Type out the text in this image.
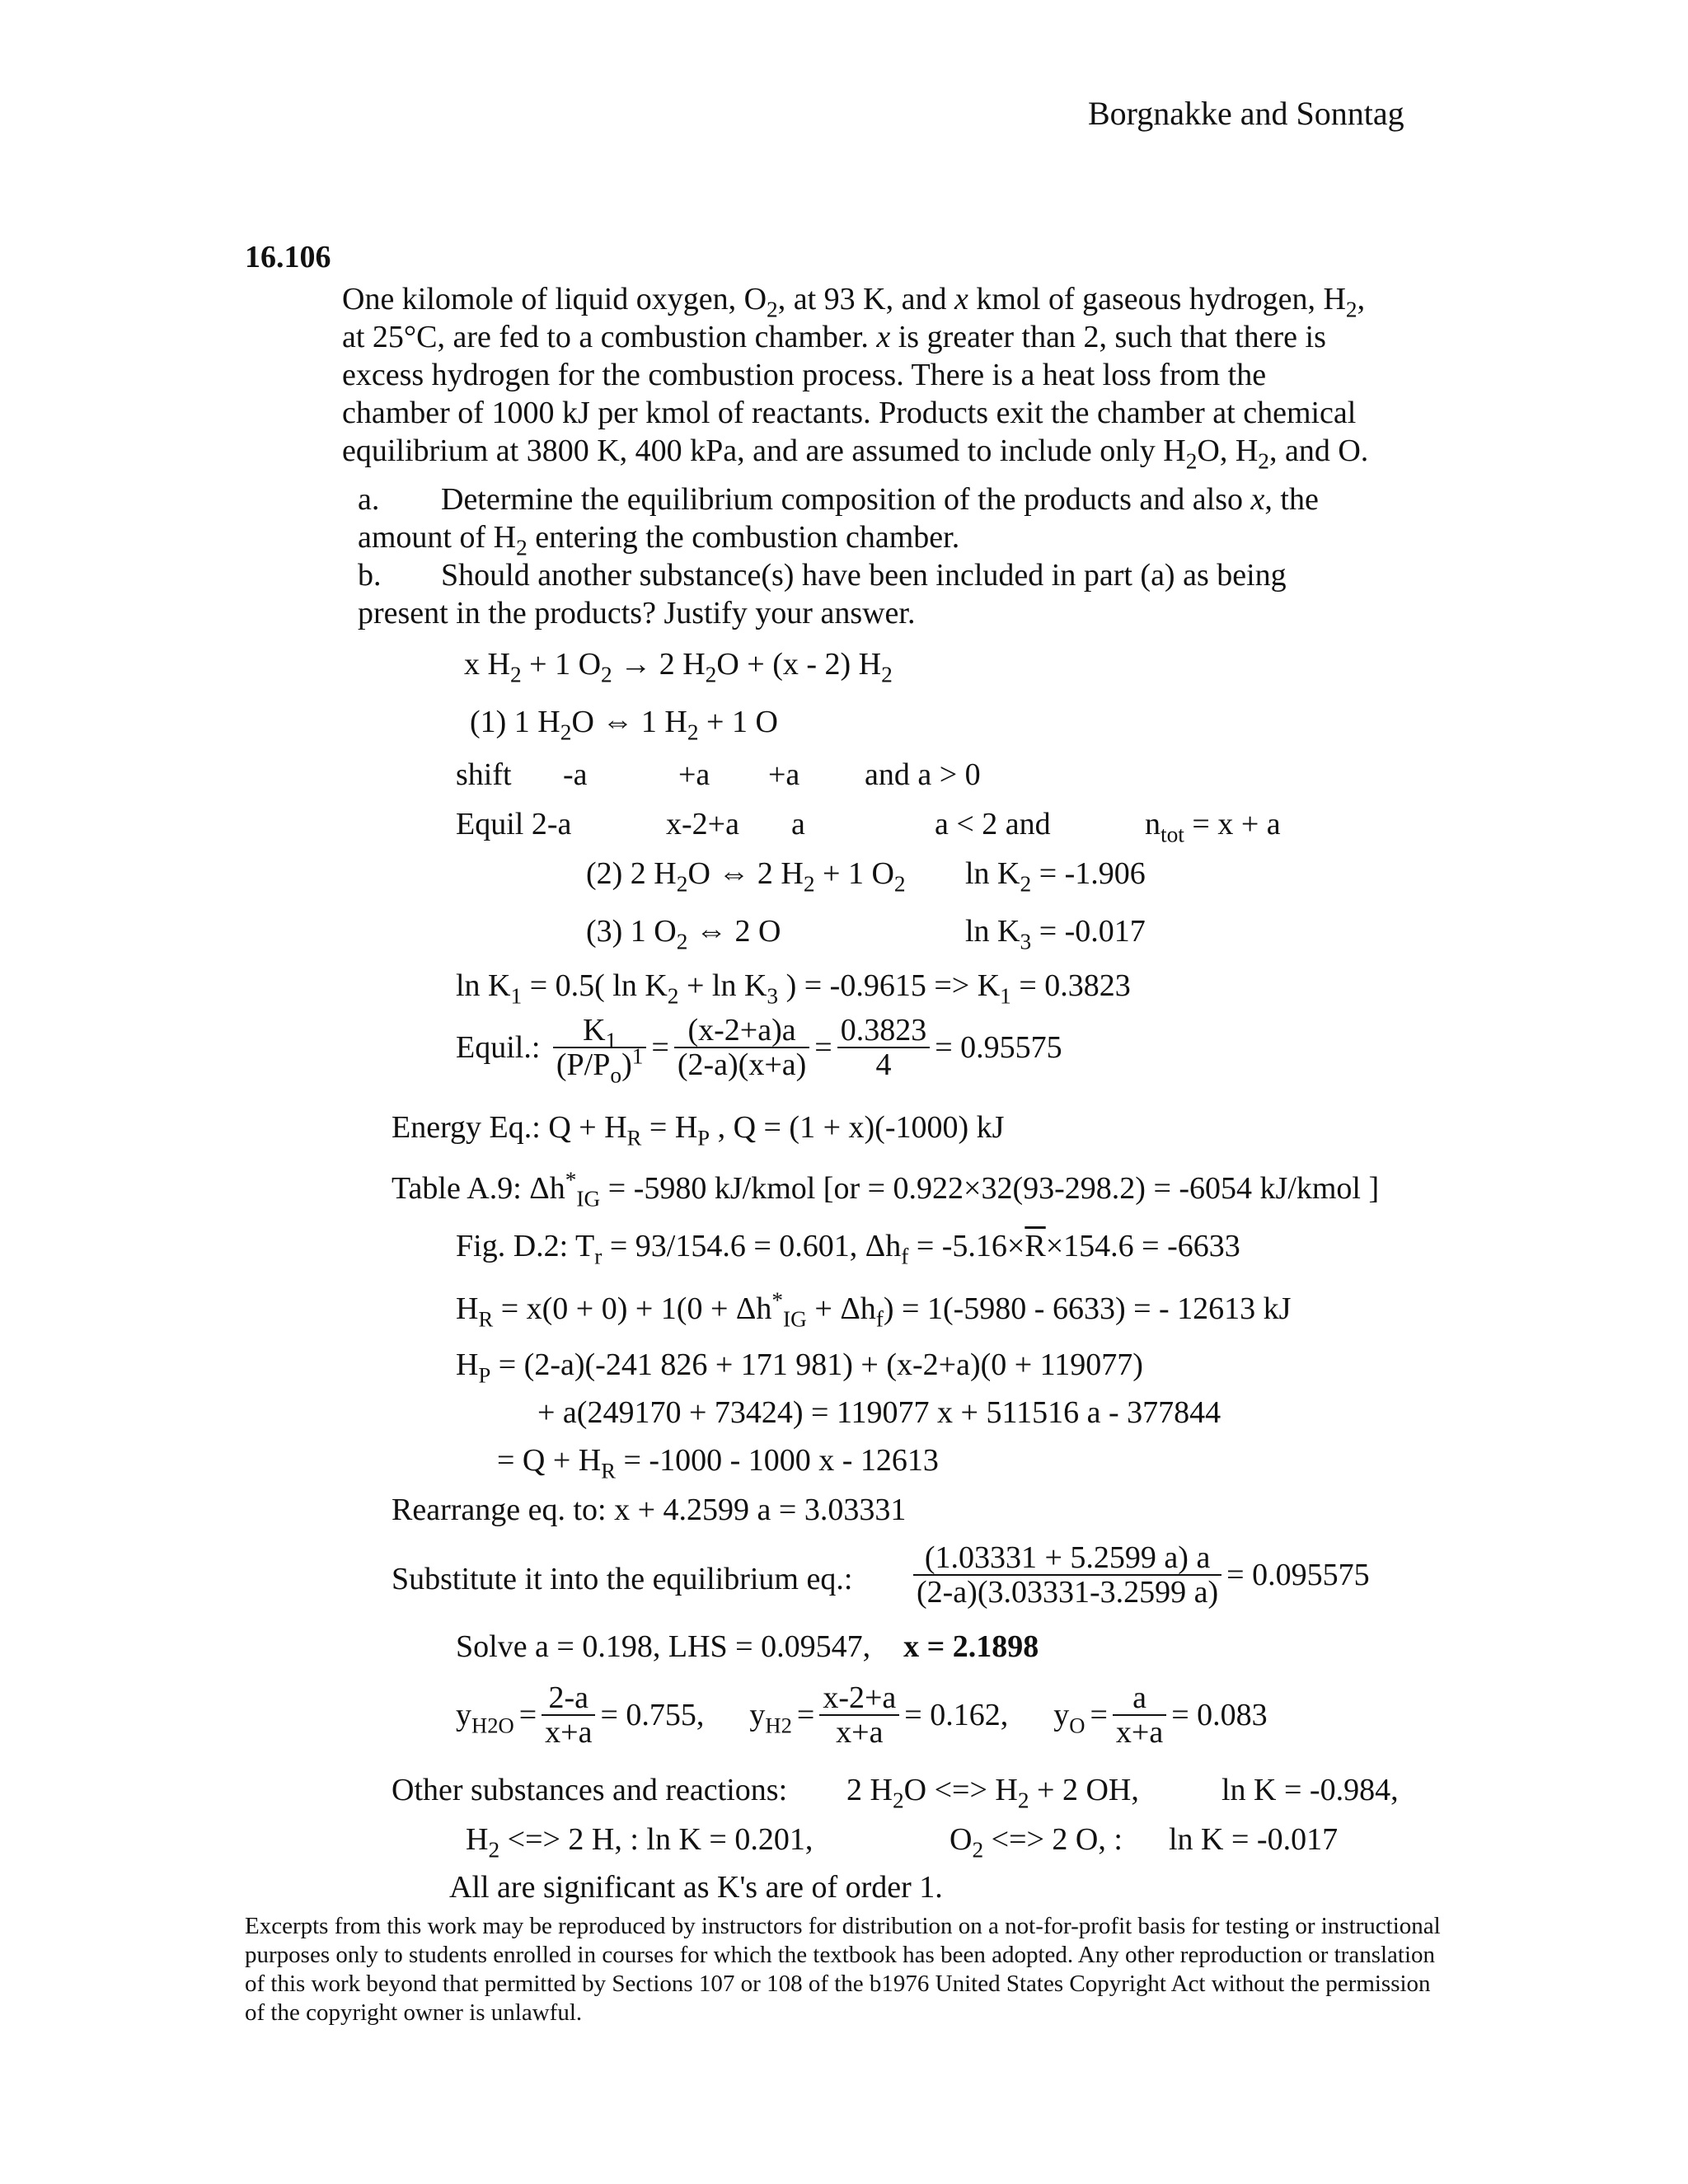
Borgnakke and Sonntag
16.106
One kilomole of liquid oxygen, $O_2$, at 93 K, and x kmol of gaseous hydrogen, $H_2$,
at 25°C, are fed to a combustion chamber. x is greater than 2, such that there is
excess hydrogen for the combustion process. There is a heat loss from the
chamber of 1000 kJ per kmol of reactants. Products exit the chamber at chemical
equilibrium at 3800 K, 400 kPa, and are assumed to include only $H_2O$, $H_2$, and O.
a. Determine the equilibrium composition of the products and also x, the
amount of $H_2$ entering the combustion chamber.
b. Should another substance(s) have been included in part (a) as being
present in the products? Justify your answer.
x $H_2 + 1$ $O_2 \to 2$ $H_2O + (x - 2)$ $H_2$
(1) 1 $H_2O$ ⇔ 1 $H_2 + 1$ O
shift -a	+a +a and a > 0
Equil 2-a	x-2+a a	a < 2 and	$n_{tot} = x + a$
(2) 2 $H_2O$ ⇔ 2 $H_2 + 1$ $O_2$ $\ln K_2 = -1.906$
(3) 1 $O_2$ ⇔ 2 O	$\ln K_3 = -0.017$
$\ln K_1 = 0.5$( $\ln K_2 + \ln K_3$ ) = $-0.9615 => K_1 = 0.3823$
Equil.: $\frac{K_1}{(P/P_o)^1} = \frac{(x-2+a)a}{(2-a)(x+a)} = \frac{0.3823}{4} = 0.95575$
Energy Eq.: $Q + H_R = H_P$ , Q = (1 + x)(-1000) kJ
Table A.9: $\Delta h^*_{IG} = -5980$ kJ/kmol [or = 0.922×32(93-298.2) = -6054 kJ/kmol ]
Fig. D.2: $T_r = 93/154.6 = 0.601$, $\Delta h_f = -5.16\times\overline{R}\times 154.6 = -6633$
$H_R = x(0 + 0) + 1(0 + \Delta h^*_{IG} + \Delta h_f) = 1(-5980 - 6633)$ = - 12613 kJ
$H_P = (2-a)(-241$ 826 + 171 981) + (x-2+a)(0 + 119077)
+ a(249170 + 73424) = 119077 x + 511516 a - 377844
= $Q + H_R = -1000 - 1000$ x - 12613
Rearrange eq. to: x + 4.2599 a = 3.03331
Substitute it into the equilibrium eq.: $\frac{(1.03331 + 5.2599 a) a}{(2-a)(3.03331-3.2599 a)} = 0.095575$
Solve a = 0.198, LHS = 0.09547, x = 2.1898
$y_{H2O} = \frac{2-a}{x+a} = 0.755$, $y_{H2} = \frac{x-2+a}{x+a} = 0.162$, $y_O = \frac{a}{x+a} = 0.083$
Other substances and reactions: 2 $H_2O$ <=> $H_2 + 2$ OH,	ln K = -0.984,
$H_2$ <=> 2 H, : ln K = 0.201,	$O_2$ <=> 2 O, : ln K = -0.017
All are significant as K's are of order 1.
Excerpts from this work may be reproduced by instructors for distribution on a not-for-profit basis for testing or instructional purposes only to students enrolled in courses for which the textbook has been adopted. Any other reproduction or translation of this work beyond that permitted by Sections 107 or 108 of the b1976 United States Copyright Act without the permission of the copyright owner is unlawful.
